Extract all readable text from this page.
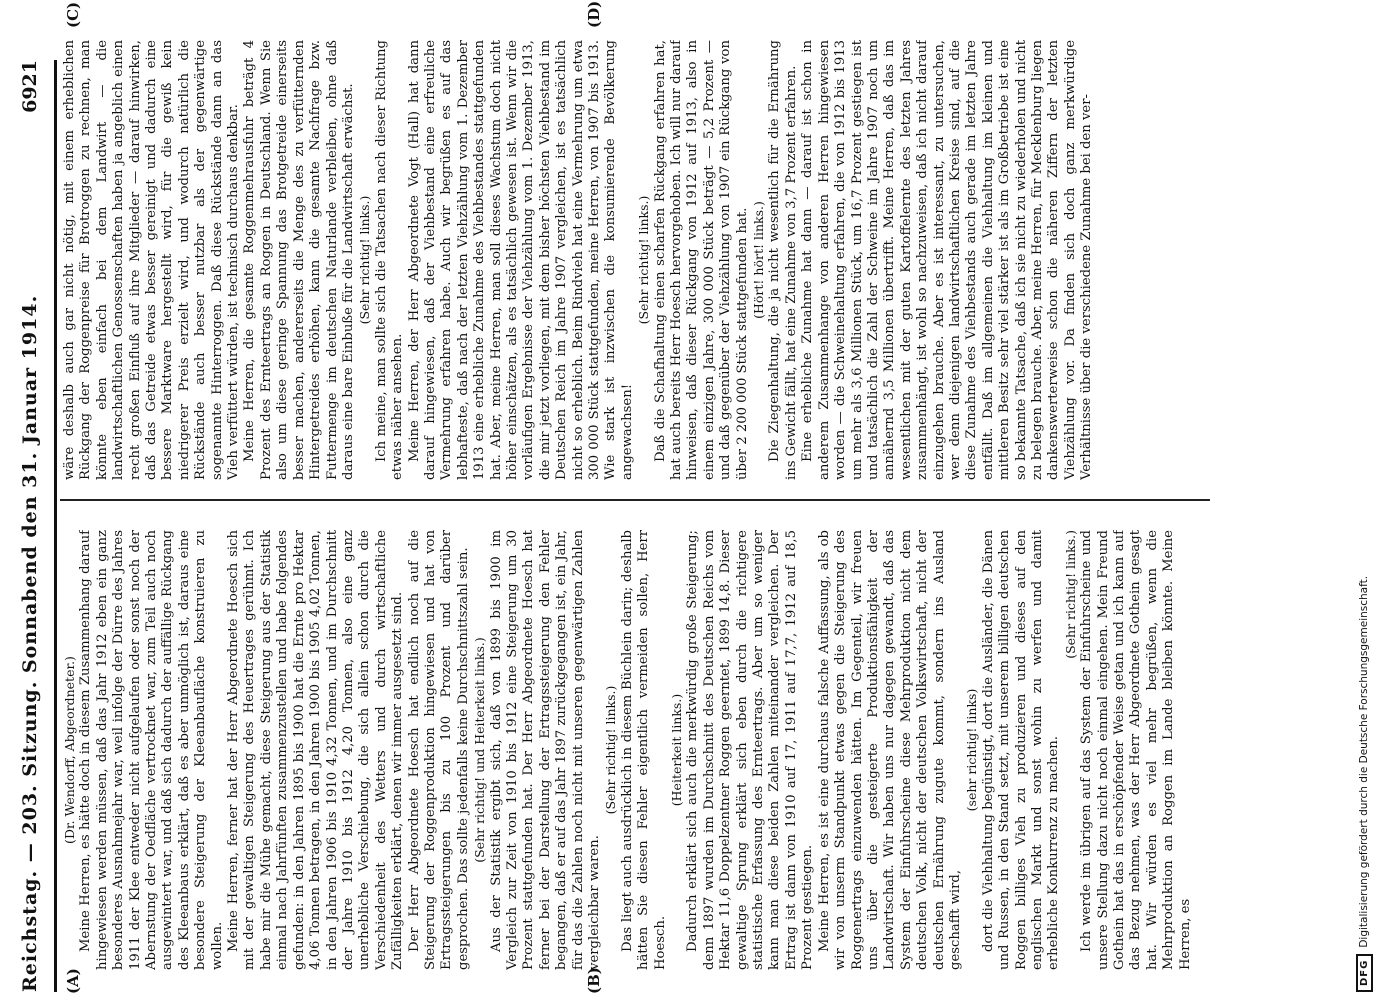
Reichstag. — 203. Sitzung. Sonnabend den 31. Januar 1914.
6921
(A)	(B)
(C)	(D)

(Dr. Wendorff, Abgeordneter.) Meine Herren, es hätte doch in diesem Zusammenhang darauf hingewiesen werden müssen, daß das Jahr 1912 eben ein ganz besonderes Ausnahmejahr war, weil infolge der Dürre des Jahres 1911 der Klee entweder nicht aufgelaufen oder sonst noch der Abernstung der Oedfläche vertrocknet war, zum Teil auch noch ausgewintert war, und daß sich dadurch der auffällige Rückgang des Kleeanbaus erklärt, daß es aber unmöglich ist, daraus eine besondere Steigerung der Kleeanbaufläche konstruieren zu wollen. Meine Herren, ferner hat der Herr Abgeordnete Hoesch sich mit der gewaltigen Steigerung des Heuertrages gerühmt. Ich habe mir die Mühe gemacht, diese Steigerung aus der Statistik einmal nach Jahrfünften zusammenzustellen und habe folgendes gefunden: in den Jahren 1895 bis 1900 hat die Ernte pro Hektar 4,06 Tonnen betragen, in den Jahren 1900 bis 1905 4,02 Tonnen, in den Jahren 1906 bis 1910 4,32 Tonnen, und im Durchschnitt der Jahre 1910 bis 1912 4,20 Tonnen, also eine ganz unerhebliche Verschiebung, die sich allein schon durch die Verschiedenheit des Wetters und durch wirtschaftliche Zufälligkeiten erklärt, denen wir immer ausgesetzt sind. Der Herr Abgeordnete Hoesch hat endlich noch auf die Steigerung der Roggenproduktion hingewiesen und hat von Ertragssteigerungen bis zu 100 Prozent und darüber gesprochen. Das sollte jedenfalls keine Durchschnittszahl sein. (Sehr richtig! und Heiterkeit links.) Aus der Statistik ergibt sich, daß von 1899 bis 1900 im Vergleich zur Zeit von 1910 bis 1912 eine Steigerung um 30 Prozent stattgefunden hat. Der Herr Abgeordnete Hoesch hat ferner bei der Darstellung der Ertragssteigerung den Fehler begangen, daß er auf das Jahr 1897 zurückgegangen ist, ein Jahr, für das die Zahlen noch nicht mit unseren gegenwärtigen Zahlen vergleichbar waren.

(Sehr richtig! links.) Das liegt auch ausdrücklich in diesem Büchlein darin; deshalb hätten Sie diesen Fehler eigentlich vermeiden sollen, Herr Hoesch.

(Heiterkeit links.) Dadurch erklärt sich auch die merkwürdig große Steigerung; denn 1897 wurden im Durchschnitt des Deutschen Reichs vom Hektar 11,6 Doppelzentner Roggen geerntet, 1899 14,8. Dieser gewaltige Sprung erklärt sich eben durch die richtigere statistische Erfassung des Ernteertrags. Aber um so weniger kann man diese beiden Zahlen miteinander vergleichen. Der Ertrag ist dann von 1910 auf 17, 1911 auf 17,7, 1912 auf 18,5 Prozent gestiegen. Meine Herren, es ist eine durchaus falsche Auffassung, als ob wir von unserm Standpunkt etwas gegen die Steigerung des Roggenertrags einzuwenden hätten. Im Gegenteil, wir freuen uns über die gesteigerte Produktionsfähigkeit der Landwirtschaft. Wir haben uns nur dagegen gewandt, daß das System der Einfuhrscheine diese Mehrproduktion nicht dem deutschen Volk, nicht der deutschen Volkswirtschaft, nicht der deutschen Ernährung zugute kommt, sondern ins Ausland geschafft wird,

(sehr richtig! links) dort die Viehhaltung begünstigt, dort die Ausländer, die Dänen und Russen, in den Stand setzt, mit unserem billigen deutschen Roggen billiges Vieh zu produzieren und dieses auf den englischen Markt und sonst wohin zu werfen und damit erhebliche Konkurrenz zu machen.

(Sehr richtig! links.) Ich werde im übrigen auf das System der Einfuhrscheine und unsere Stellung dazu nicht noch einmal eingehen. Mein Freund Gothein hat das in erschöpfender Weise getan und ich kann auf das Bezug nehmen, was der Herr Abgeordnete Gothein gesagt hat. Wir würden es viel mehr begrüßen, wenn die Mehrproduktion an Roggen im Lande bleiben könnte. Meine Herren, es

wäre deshalb auch gar nicht nötig, mit einem erheblichen Rückgang der Roggenpreise für Brotroggen zu rechnen, man könnte eben einfach bei dem Landwirt — die landwirtschaftlichen Genossenschaften haben ja angeblich einen recht großen Einfluß auf ihre Mitglieder — darauf hinwirken, daß das Getreide etwas besser gereinigt und dadurch eine bessere Marktware hergestellt wird, für die gewiß kein niedrigerer Preis erzielt wird, und wodurch natürlich die Rückstände auch besser nutzbar als der gegenwärtige sogenannte Hinterroggen. Daß diese Rückstände dann an das Vieh verfüttert würden, ist technisch durchaus denkbar. Meine Herren, die gesamte Roggenmehrausfuhr beträgt 4 Prozent des Ernteertrags an Roggen in Deutschland. Wenn Sie also um diese geringe Spannung das Brotgetreide einerseits besser machen, andererseits die Menge des zu verfütternden Hintergetreides erhöhen, kann die gesamte Nachfrage bzw. Futtermenge im deutschen Naturlande verbleiben, ohne daß daraus eine bare Einbuße für die Landwirtschaft erwächst. (Sehr richtig! links.) Ich meine, man sollte sich die Tatsachen nach dieser Richtung etwas näher ansehen. Meine Herren, der Herr Abgeordnete Vogt (Hall) hat dann darauf hingewiesen, daß der Viehbestand eine erfreuliche Vermehrung erfahren habe. Auch wir begrüßen es auf das lebhafteste, daß nach der letzten Viehzählung vom 1. Dezember 1913 eine erhebliche Zunahme des Viehbestandes stattgefunden hat. Aber, meine Herren, man soll dieses Wachstum doch nicht höher einschätzen, als es tatsächlich gewesen ist. Wenn wir die vorläufigen Ergebnisse der Viehzählung vom 1. Dezember 1913, die mir jetzt vorliegen, mit dem bisher höchsten Viehbestand im Deutschen Reich im Jahre 1907 vergleichen, ist es tatsächlich nicht so erheblich. Beim Rindvieh hat eine Vermehrung um etwa 300 000 Stück stattgefunden, meine Herren, von 1907 bis 1913. Wie stark ist inzwischen die konsumierende Bevölkerung angewachsen!

(Sehr richtig! links.) Daß die Schafhaltung einen scharfen Rückgang erfahren hat, hat auch bereits Herr Hoesch hervorgehoben. Ich will nur darauf hinweisen, daß dieser Rückgang von 1912 auf 1913, also in einem einzigen Jahre, 300 000 Stück beträgt — 5,2 Prozent — und daß gegenüber der Viehzählung von 1907 ein Rückgang von über 2 200 000 Stück stattgefunden hat. (Hört! hört! links.) Die Ziegenhaltung, die ja nicht wesentlich für die Ernährung ins Gewicht fällt, hat eine Zunahme von 3,7 Prozent erfahren. Eine erhebliche Zunahme hat dann — darauf ist schon in anderem Zusammenhange von anderen Herren hingewiesen worden — die Schweinehaltung erfahren, die von 1912 bis 1913 um mehr als 3,6 Millionen Stück, um 16,7 Prozent gestiegen ist und tatsächlich die Zahl der Schweine im Jahre 1907 noch um annähernd 3,5 Millionen übertrifft. Meine Herren, daß das im wesentlichen mit der guten Kartoffelernte des letzten Jahres zusammenhängt, ist wohl so nachzuweisen, daß ich nicht darauf einzugehen brauche. Aber es ist interessant, zu untersuchen, wer denn diejenigen landwirtschaftlichen Kreise sind, auf die diese Zunahme des Viehbestands auch gerade im letzten Jahre entfällt. Daß im allgemeinen die Viehhaltung im kleinen und mittleren Besitz sehr viel stärker ist als im Großbetriebe ist eine so bekannte Tatsache, daß ich sie nicht zu wiederholen und nicht zu belegen brauche. Aber, meine Herren, für Mecklenburg liegen dankenswerterweise schon die näheren Ziffern der letzten Viehzählung vor. Da finden sich doch ganz merkwürdige Verhältnisse über die verschiedene Zunahme bei den ver-

DFG
Digitalisierung gefördert durch die Deutsche Forschungsgemeinschaft.
